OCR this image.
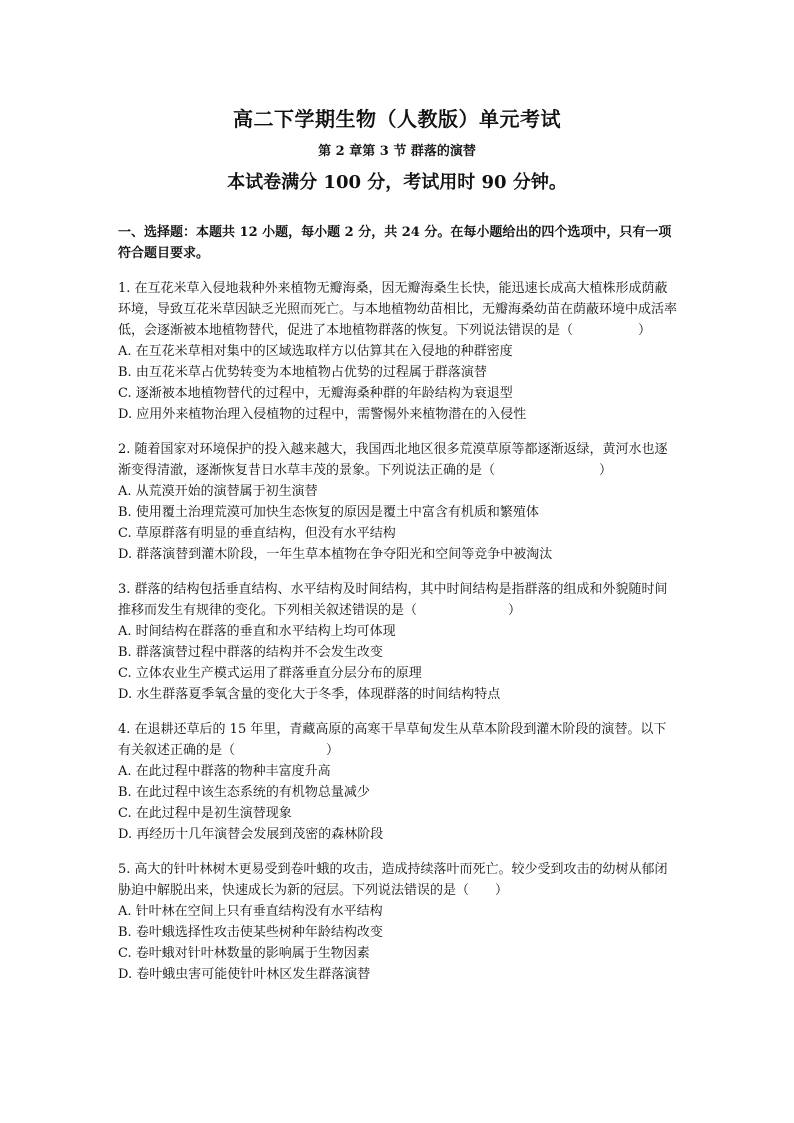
高二下学期生物（人教版）单元考试
第 2 章第 3 节 群落的演替
本试卷满分 100 分，考试用时 90 分钟。
一、选择题：本题共 12 小题，每小题 2 分，共 24 分。在每小题给出的四个选项中，只有一项符合题目要求。

1. 在互花米草入侵地栽种外来植物无瓣海桑，因无瓣海桑生长快，能迅速长成高大植株形成荫蔽环境，导致互花米草因缺乏光照而死亡。与本地植物幼苗相比，无瓣海桑幼苗在荫蔽环境中成活率低，会逐渐被本地植物替代，促进了本地植物群落的恢复。下列说法错误的是（　　　　　）

A. 在互花米草相对集中的区域选取样方以估算其在入侵地的种群密度

B. 由互花米草占优势转变为本地植物占优势的过程属于群落演替

C. 逐渐被本地植物替代的过程中，无瓣海桑种群的年龄结构为衰退型

D. 应用外来植物治理入侵植物的过程中，需警惕外来植物潜在的入侵性

2. 随着国家对环境保护的投入越来越大，我国西北地区很多荒漠草原等都逐渐返绿，黄河水也逐渐变得清澈，逐渐恢复昔日水草丰茂的景象。下列说法正确的是（　　　　　　　　）

A. 从荒漠开始的演替属于初生演替

B. 使用覆土治理荒漠可加快生态恢复的原因是覆土中富含有机质和繁殖体

C. 草原群落有明显的垂直结构，但没有水平结构

D. 群落演替到灌木阶段，一年生草本植物在争夺阳光和空间等竞争中被淘汰

3. 群落的结构包括垂直结构、水平结构及时间结构，其中时间结构是指群落的组成和外貌随时间推移而发生有规律的变化。下列相关叙述错误的是（　　　　　　　）

A. 时间结构在群落的垂直和水平结构上均可体现

B. 群落演替过程中群落的结构并不会发生改变

C. 立体农业生产模式运用了群落垂直分层分布的原理

D. 水生群落夏季氧含量的变化大于冬季，体现群落的时间结构特点

4. 在退耕还草后的 15 年里，青藏高原的高寒干旱草甸发生从草本阶段到灌木阶段的演替。以下有关叙述正确的是（　　　　　　　）

A. 在此过程中群落的物种丰富度升高

B. 在此过程中该生态系统的有机物总量减少

C. 在此过程中是初生演替现象

D. 再经历十几年演替会发展到茂密的森林阶段

5. 高大的针叶林树木更易受到卷叶蛾的攻击，造成持续落叶而死亡。较少受到攻击的幼树从郁闭胁迫中解脱出来，快速成长为新的冠层。下列说法错误的是（　　）

A. 针叶林在空间上只有垂直结构没有水平结构

B. 卷叶蛾选择性攻击使某些树种年龄结构改变

C. 卷叶蛾对针叶林数量的影响属于生物因素

D. 卷叶蛾虫害可能使针叶林区发生群落演替
